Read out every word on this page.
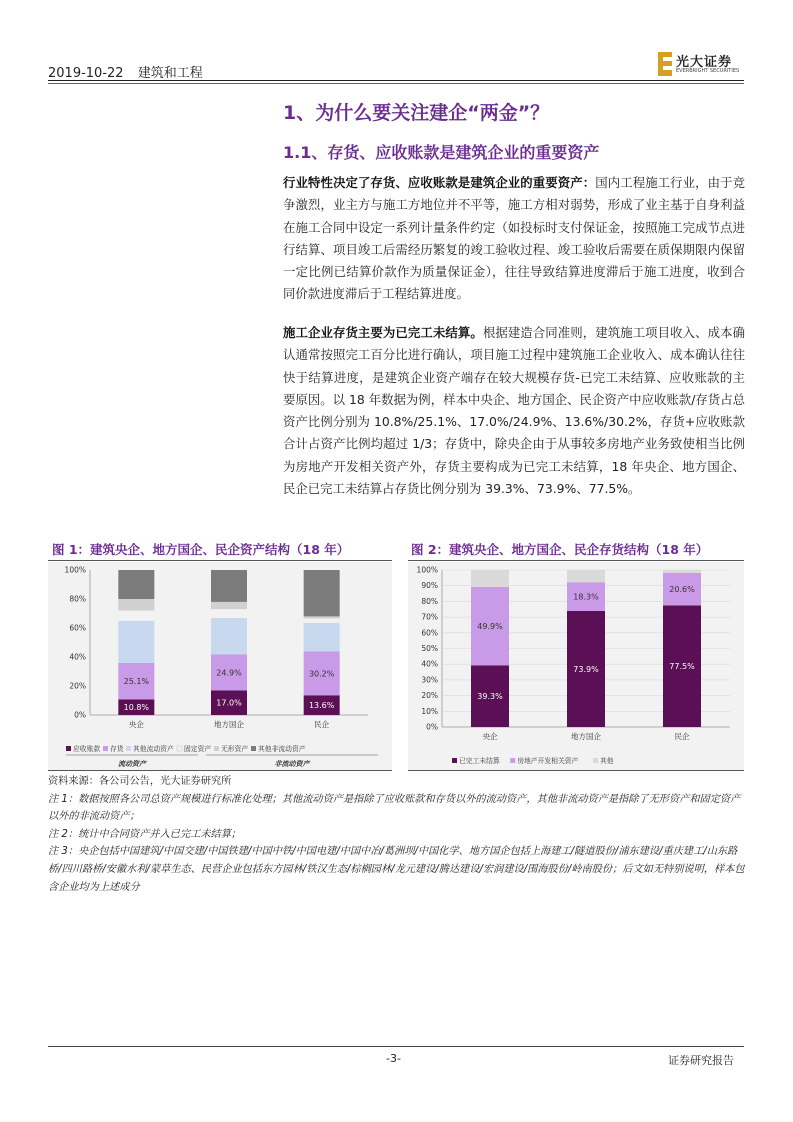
2019-10-22 建筑和工程
光大证券
EVERBRIGHT SECURITIES
1、为什么要关注建企“两金”？
1.1、存货、应收账款是建筑企业的重要资产
行业特性决定了存货、应收账款是建筑企业的重要资产：国内工程施工行业，由于竞争激烈，业主方与施工方地位并不平等，施工方相对弱势，形成了业主基于自身利益在施工合同中设定一系列计量条件约定（如投标时支付保证金，按照施工完成节点进行结算、项目竣工后需经历繁复的竣工验收过程、竣工验收后需要在质保期限内保留一定比例已结算价款作为质量保证金），往往导致结算进度滞后于施工进度，收到合同价款进度滞后于工程结算进度。
施工企业存货主要为已完工未结算。根据建造合同准则，建筑施工项目收入、成本确认通常按照完工百分比进行确认，项目施工过程中建筑施工企业收入、成本确认往往快于结算进度，是建筑企业资产端存在较大规模存货-已完工未结算、应收账款的主要原因。以 18 年数据为例，样本中央企、地方国企、民企资产中应收账款/存货占总资产比例分别为 10.8%/25.1%、17.0%/24.9%、13.6%/30.2%，存货+应收账款合计占资产比例均超过 1/3；存货中，除央企由于从事较多房地产业务致使相当比例为房地产开发相关资产外，存货主要构成为已完工未结算，18 年央企、地方国企、民企已完工未结算占存货比例分别为 39.3%、73.9%、77.5%。
图 1：建筑央企、地方国企、民企资产结构（18 年）
0%
20%
40%
60%
80%
100%
10.8%
25.1%
央企
17.0%
24.9%
地方国企
13.6%
30.2%
民企
应收账款 存货 其他流动资产 固定资产 无形资产 其他非流动资产
流动资产	非流动资产
图 2：建筑央企、地方国企、民企存货结构（18 年）
0%
10%
20%
30%
40%
50%
60%
70%
80%
90%
100%
39.3%
49.9%
央企
73.9%
18.3%
地方国企
77.5%
20.6%
民企
已完工未结算	房地产开发相关资产	其他
资料来源：各公司公告，光大证券研究所
注 1：数据按照各公司总资产规模进行标准化处理；其他流动资产是指除了应收账款和存货以外的流动资产，其他非流动资产是指除了无形资产和固定资产以外的非流动资产；
注 2：统计中合同资产并入已完工未结算；
注 3：央企包括中国建筑/中国交建/中国铁建/中国中铁/中国电建/中国中冶/葛洲坝/中国化学、地方国企包括上海建工/隧道股份/浦东建设/重庆建工/山东路桥/四川路桥/安徽水利/蒙草生态、民营企业包括东方园林/铁汉生态/棕榈园林/龙元建设/腾达建设/宏润建设/围海股份/岭南股份；后文如无特别说明，样本包含企业均为上述成分
-3-	证券研究报告
